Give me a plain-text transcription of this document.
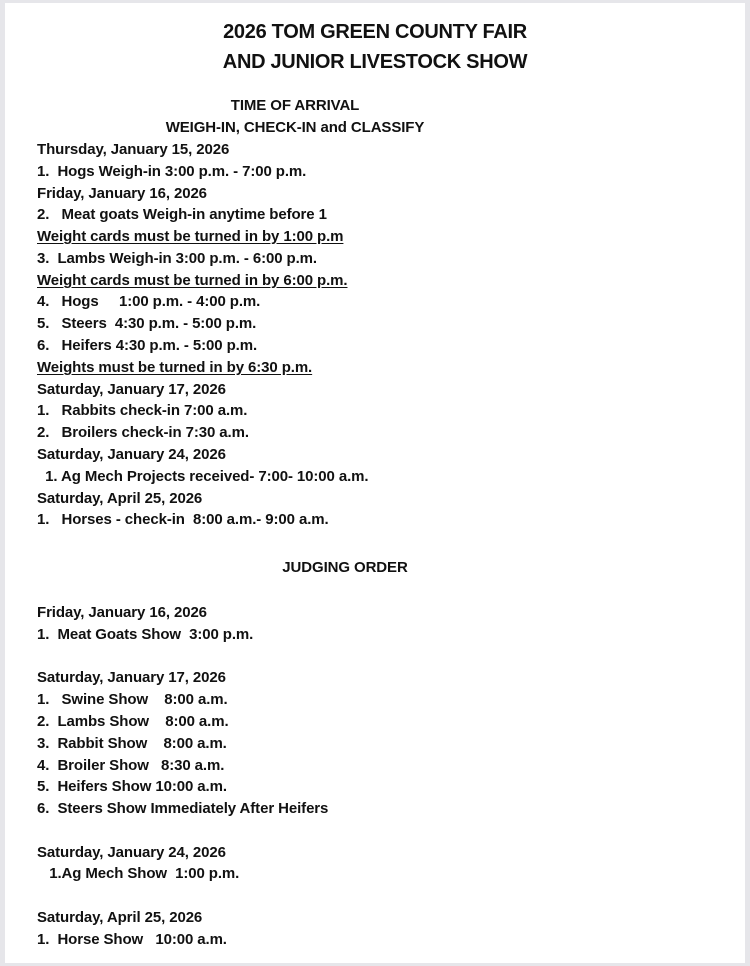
2026 TOM GREEN COUNTY FAIR
AND JUNIOR LIVESTOCK SHOW
TIME OF ARRIVAL
WEIGH-IN, CHECK-IN and CLASSIFY
Thursday, January 15, 2026
1.  Hogs Weigh-in 3:00 p.m. - 7:00 p.m.
Friday, January 16, 2026
2.   Meat goats Weigh-in anytime before 1
Weight cards must be turned in by 1:00 p.m
3.  Lambs Weigh-in 3:00 p.m. - 6:00 p.m.
Weight cards must be turned in by 6:00 p.m.
4.   Hogs     1:00 p.m. - 4:00 p.m.
5.   Steers  4:30 p.m. - 5:00 p.m.
6.   Heifers 4:30 p.m. - 5:00 p.m.
Weights must be turned in by 6:30 p.m.
Saturday, January 17, 2026
1.   Rabbits check-in 7:00 a.m.
2.   Broilers check-in 7:30 a.m.
Saturday, January 24, 2026
1. Ag Mech Projects received- 7:00- 10:00 a.m.
Saturday, April 25, 2026
1.   Horses - check-in  8:00 a.m.- 9:00 a.m.
JUDGING ORDER
Friday, January 16, 2026
1.  Meat Goats Show  3:00 p.m.
Saturday, January 17, 2026
1.   Swine Show    8:00 a.m.
2.  Lambs Show    8:00 a.m.
3.  Rabbit Show    8:00 a.m.
4.  Broiler Show   8:30 a.m.
5.  Heifers Show 10:00 a.m.
6.  Steers Show Immediately After Heifers
Saturday, January 24, 2026
1.Ag Mech Show  1:00 p.m.
Saturday, April 25, 2026
1.  Horse Show   10:00 a.m.
